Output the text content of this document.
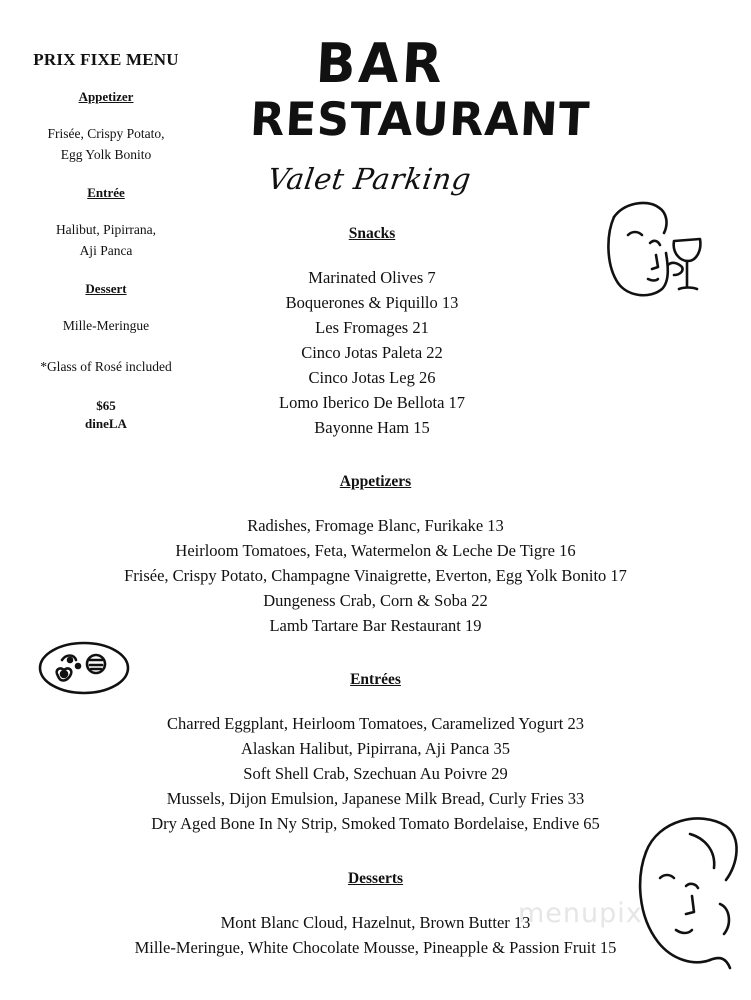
PRIX FIXE MENU
Appetizer
Frisée, Crispy Potato,
Egg Yolk Bonito
Entrée
Halibut, Pipirrana,
Aji Panca
Dessert
Mille-Meringue
*Glass of Rosé included
$65
dineLA
BAR
RESTAURANT
Valet Parking
Snacks
Marinated Olives 7
Boquerones & Piquillo 13
Les Fromages 21
Cinco Jotas Paleta 22
Cinco Jotas Leg 26
Lomo Iberico De Bellota 17
Bayonne Ham 15
Appetizers
Radishes, Fromage Blanc, Furikake 13
Heirloom Tomatoes, Feta, Watermelon & Leche De Tigre 16
Frisée, Crispy Potato, Champagne Vinaigrette, Everton, Egg Yolk Bonito 17
Dungeness Crab, Corn & Soba 22
Lamb Tartare Bar Restaurant 19
Entrées
Charred Eggplant, Heirloom Tomatoes, Caramelized Yogurt 23
Alaskan Halibut, Pipirrana, Aji Panca 35
Soft Shell Crab, Szechuan Au Poivre 29
Mussels, Dijon Emulsion, Japanese Milk Bread, Curly Fries 33
Dry Aged Bone In Ny Strip, Smoked Tomato Bordelaise, Endive 65
Desserts
Mont Blanc Cloud, Hazelnut, Brown Butter 13
Mille-Meringue, White Chocolate Mousse, Pineapple & Passion Fruit 15
menupix
